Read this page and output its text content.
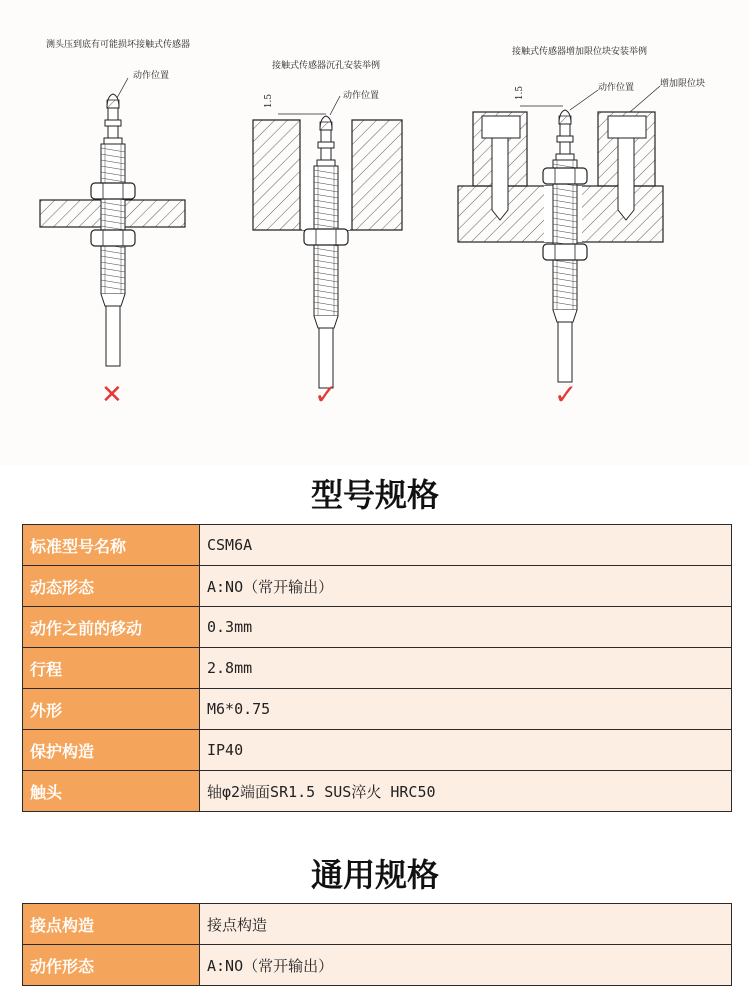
测头压到底有可能损坏接触式传感器
接触式传感器沉孔安装举例
接触式传感器增加限位块安装举例
动作位置
动作位置
动作位置	增加限位块
1.5
1.5
✕	✓	✓
型号规格
标准型号名称	CSM6A
动态形态	A:NO（常开输出）
动作之前的移动	0.3mm
行程	2.8mm
外形	M6*0.75
保护构造	IP40
触头	轴φ2端面SR1.5 SUS淬火 HRC50
通用规格
接点构造	接点构造
动作形态	A:NO（常开输出）
